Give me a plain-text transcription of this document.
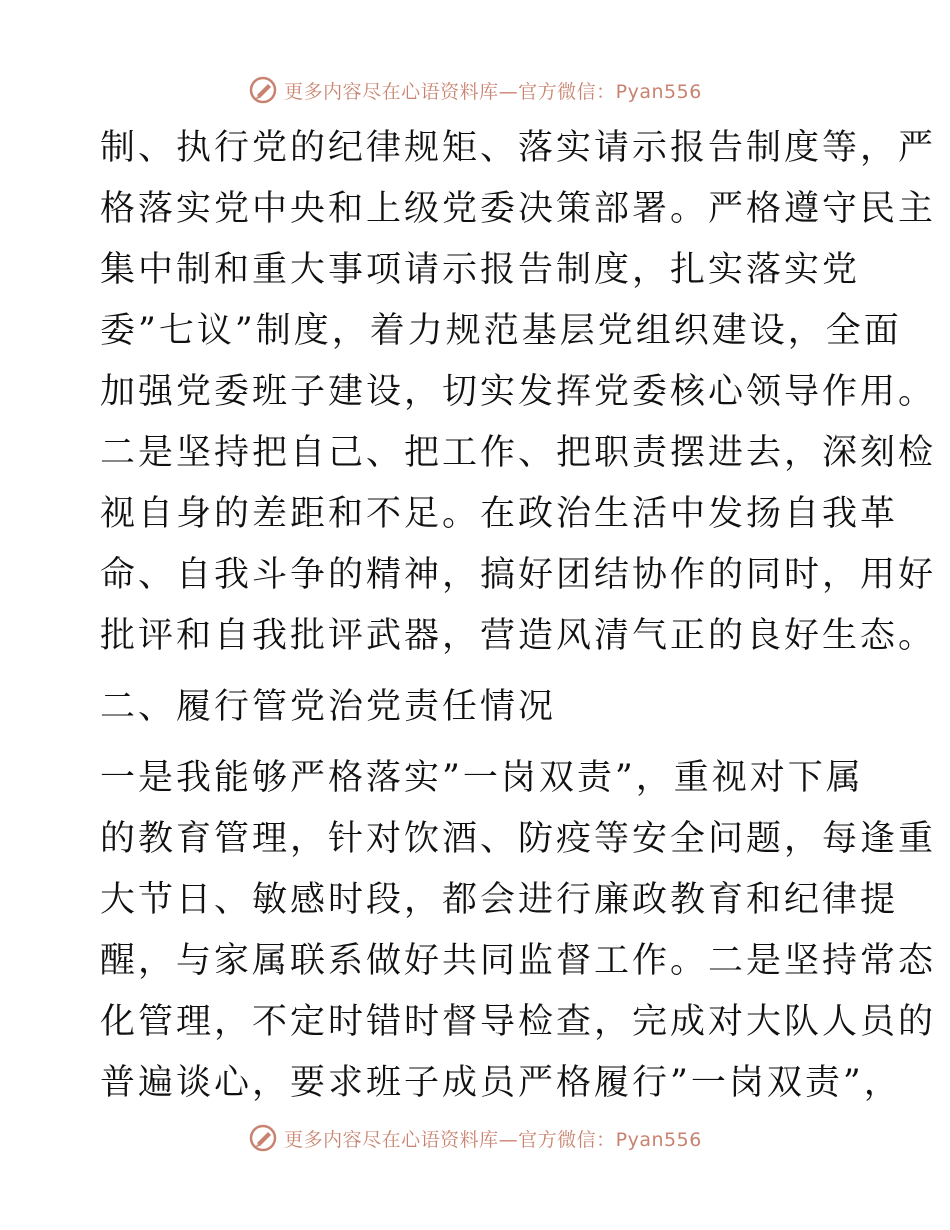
更多内容尽在心语资料库—官方微信：Pyan556
制、执行党的纪律规矩、落实请示报告制度等，严
格落实党中央和上级党委决策部署。严格遵守民主
集中制和重大事项请示报告制度，扎实落实党
委”七议”制度，着力规范基层党组织建设，全面
加强党委班子建设，切实发挥党委核心领导作用。
二是坚持把自己、把工作、把职责摆进去，深刻检
视自身的差距和不足。在政治生活中发扬自我革
命、自我斗争的精神，搞好团结协作的同时，用好
批评和自我批评武器，营造风清气正的良好生态。
二、履行管党治党责任情况
一是我能够严格落实”一岗双责”，重视对下属
的教育管理，针对饮酒、防疫等安全问题，每逢重
大节日、敏感时段，都会进行廉政教育和纪律提
醒，与家属联系做好共同监督工作。二是坚持常态
化管理，不定时错时督导检查，完成对大队人员的
普遍谈心，要求班子成员严格履行”一岗双责”，
更多内容尽在心语资料库—官方微信：Pyan556
